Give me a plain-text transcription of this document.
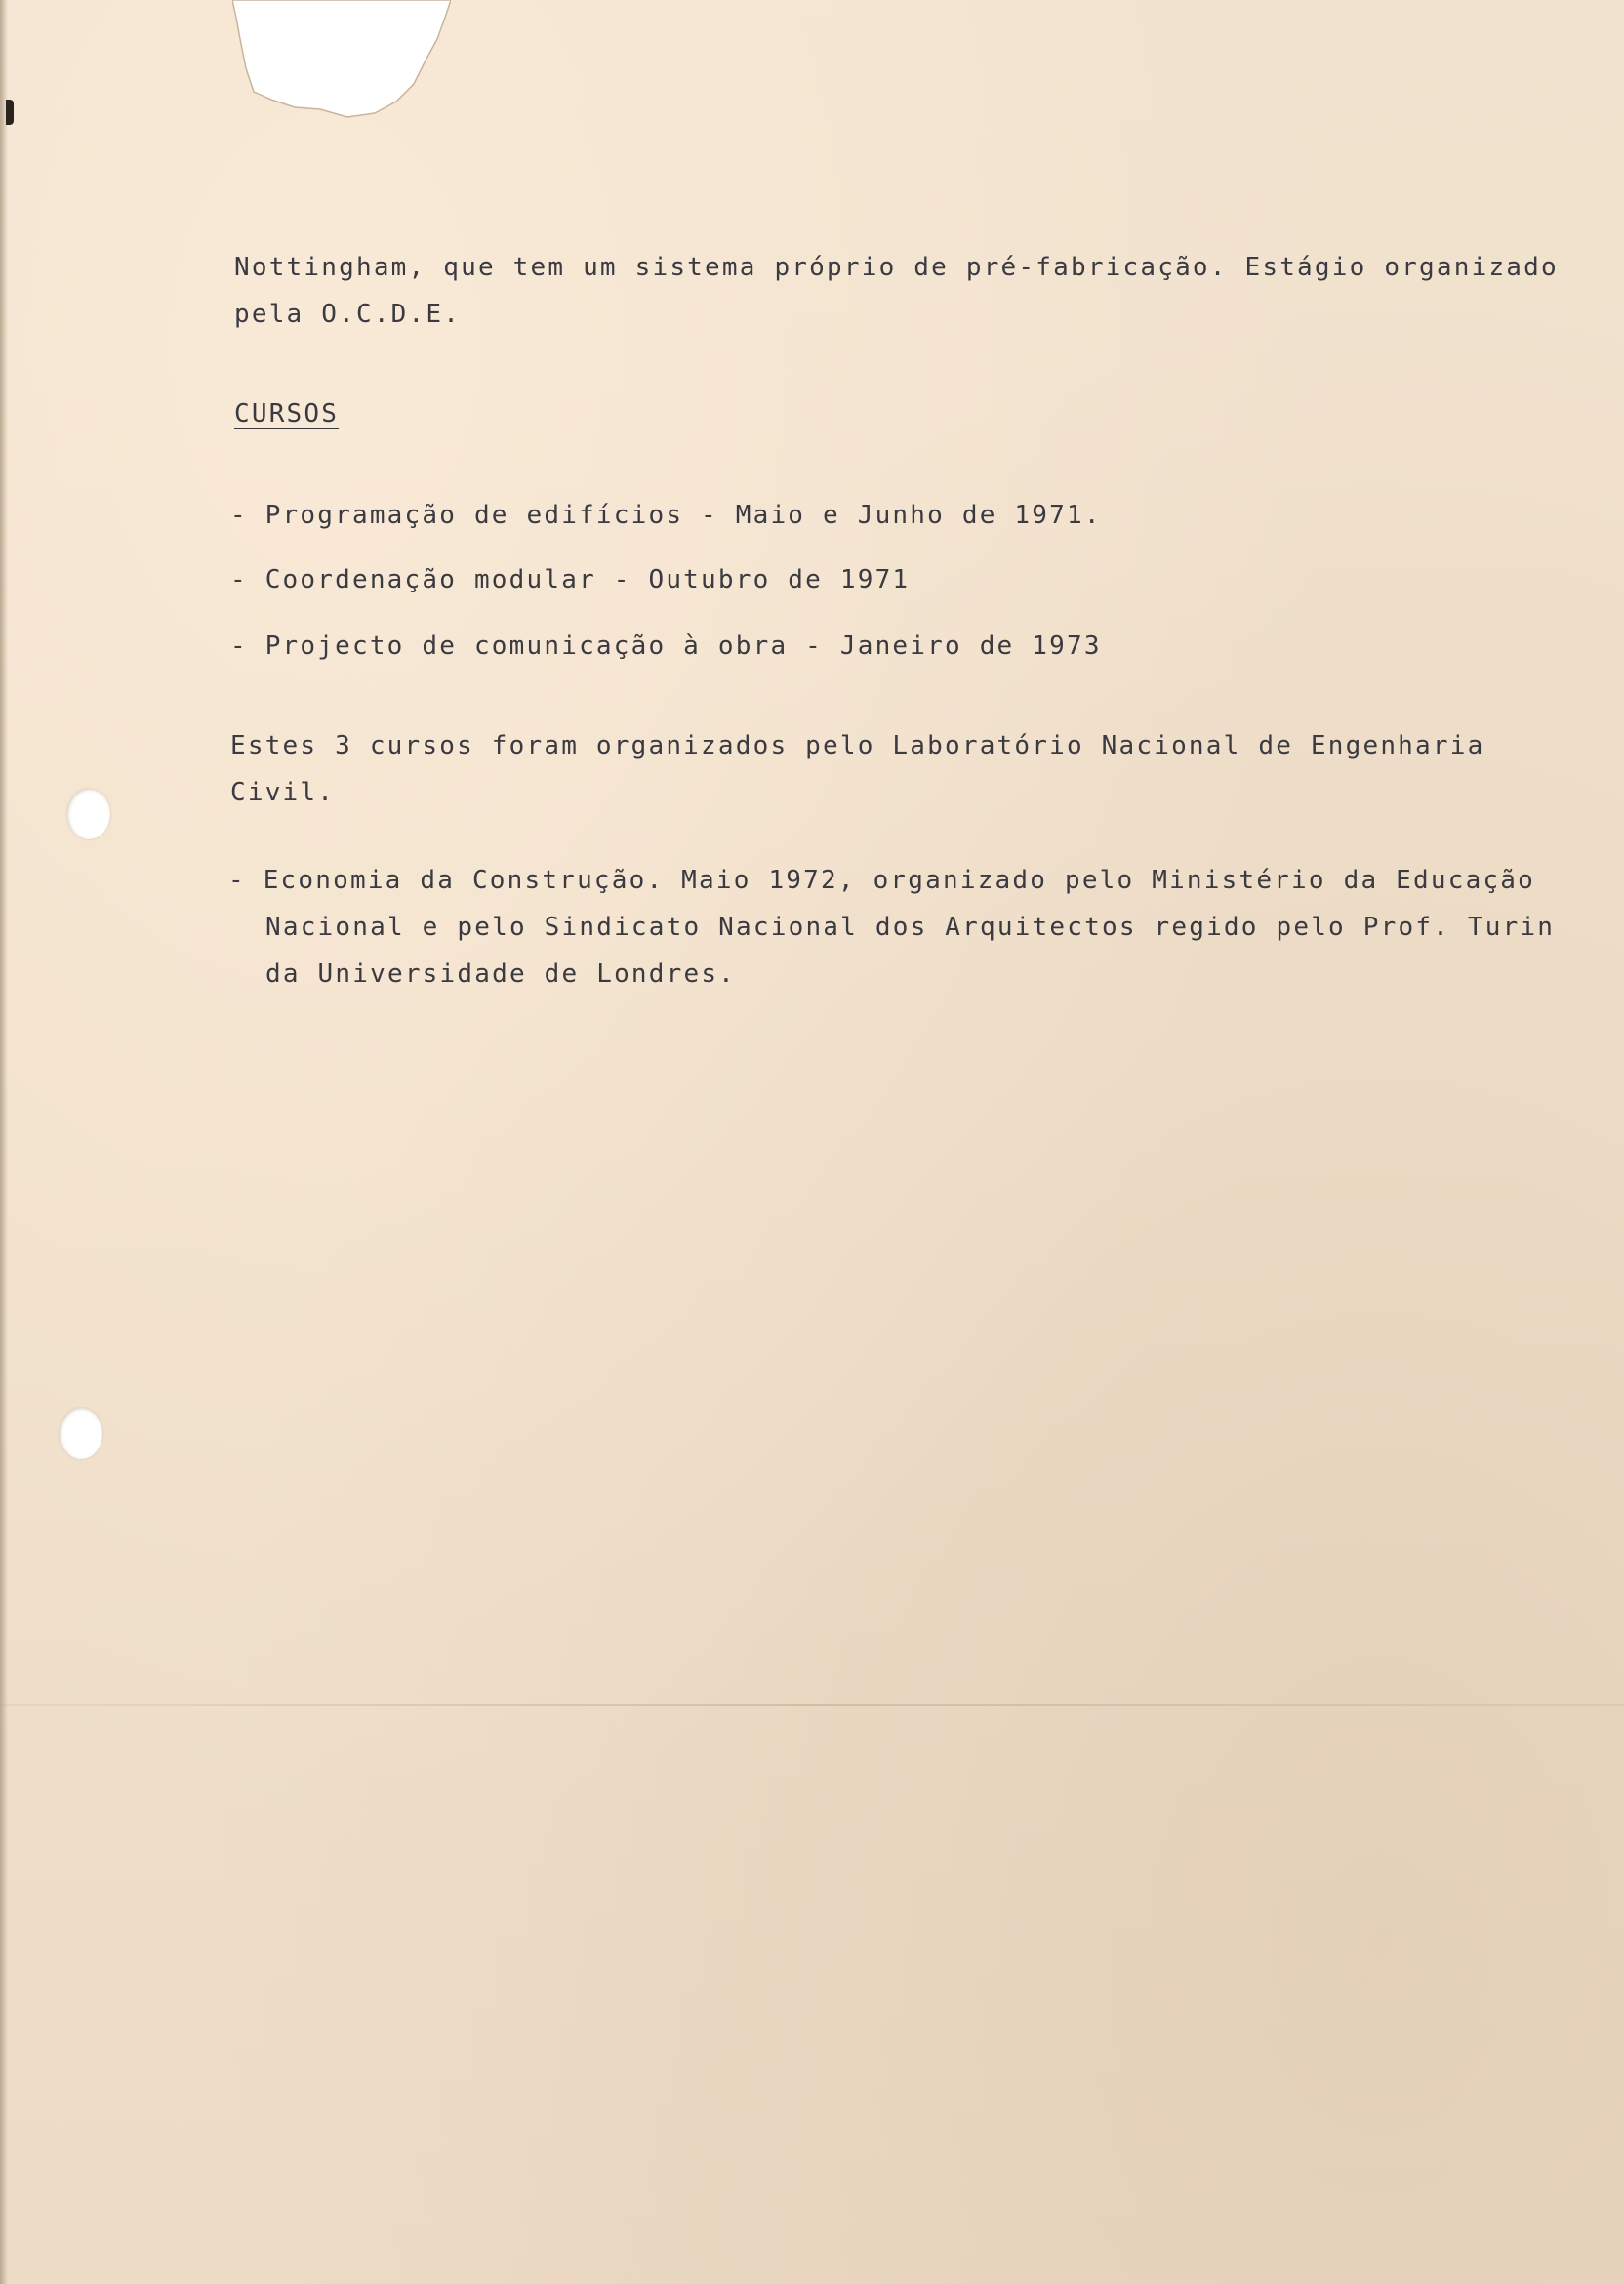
Nottingham, que tem um sistema próprio de pré-fabricação. Estágio organizado
pela O.C.D.E.
CURSOS
- Programação de edifícios - Maio e Junho de 1971.
- Coordenação modular - Outubro de 1971
- Projecto de comunicação à obra - Janeiro de 1973
Estes 3 cursos foram organizados pelo Laboratório Nacional de Engenharia
Civil.
- Economia da Construção. Maio 1972, organizado pelo Ministério da Educação
Nacional e pelo Sindicato Nacional dos Arquitectos regido pelo Prof. Turin
da Universidade de Londres.
